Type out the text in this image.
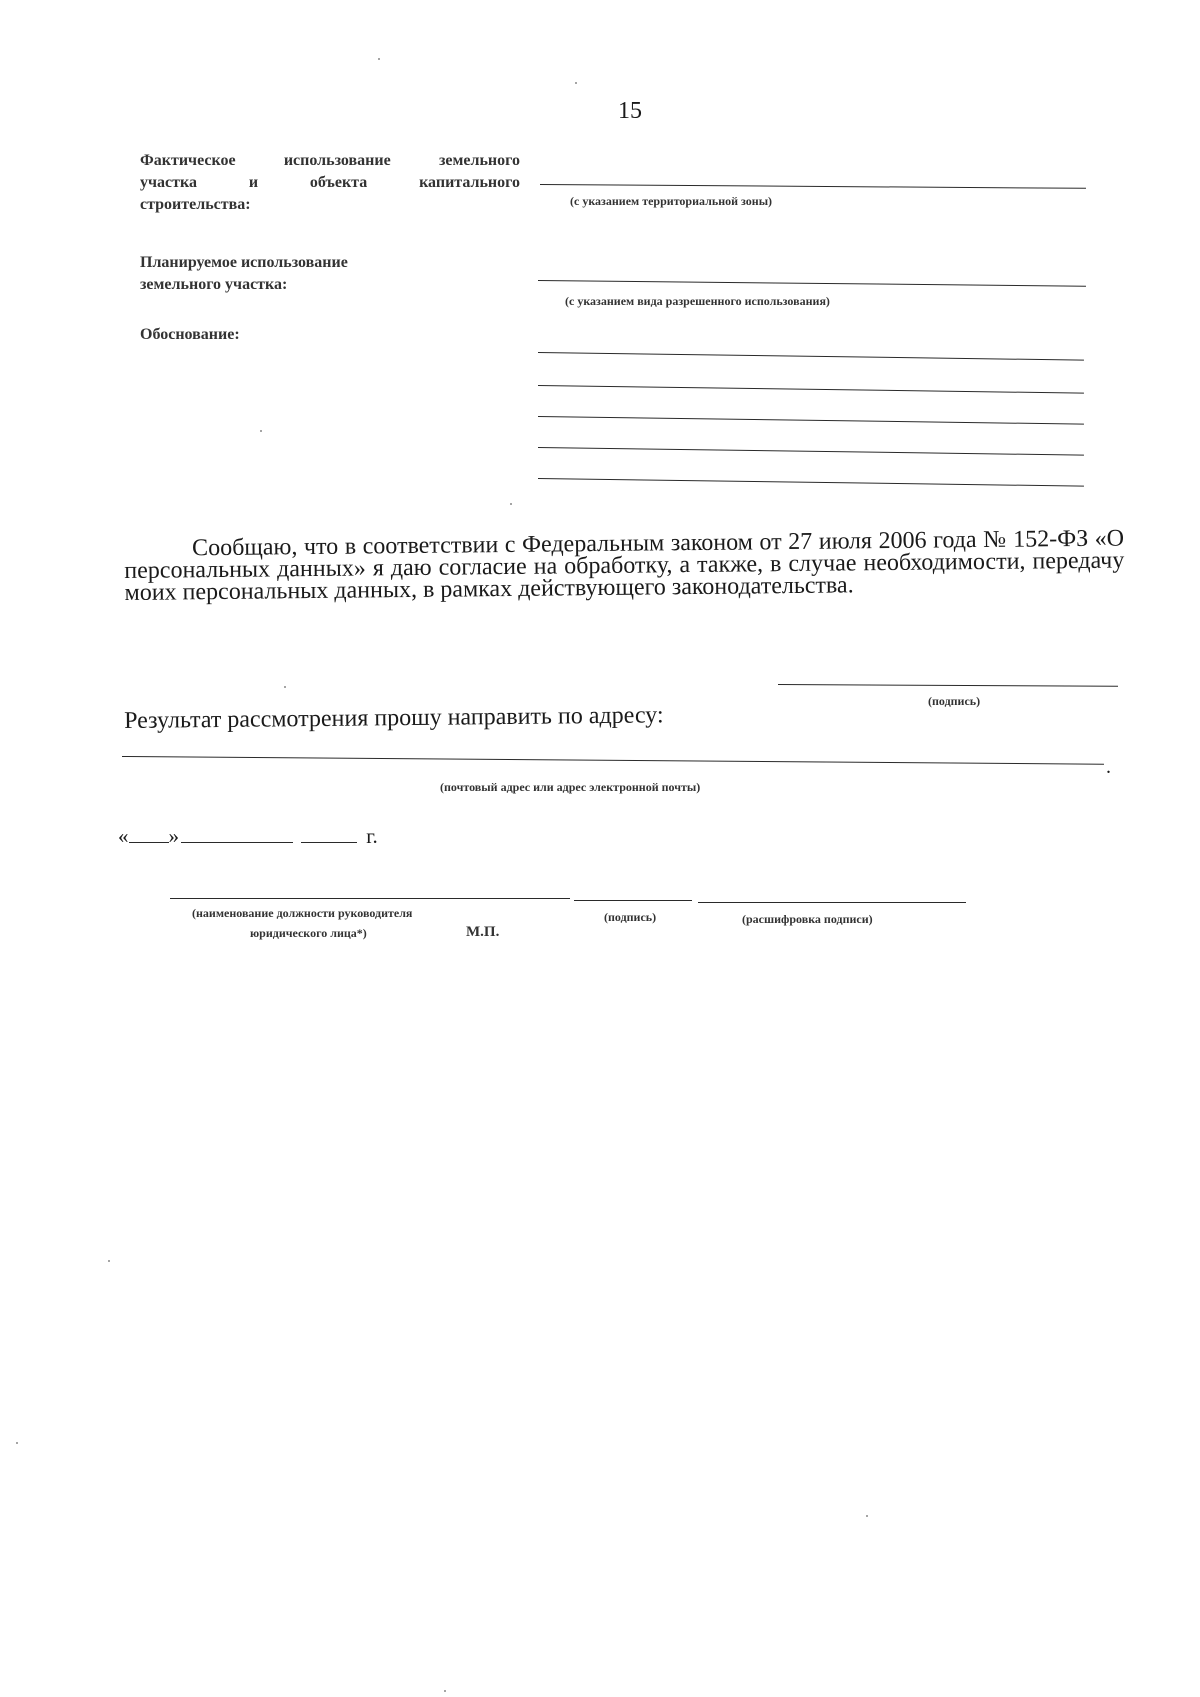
15
Фактическое использование земельного
участка и объекта капитального
строительства:	(с указанием территориальной зоны)
Планируемое использование
земельного участка:
(с указанием вида разрешенного использования)
Обоснование:
Сообщаю, что в соответствии с Федеральным законом от 27 июля 2006 года № 152-ФЗ «О персональных данных» я даю согласие на обработку, а также, в случае необходимости, передачу моих персональных данных, в рамках действующего законодательства.
(подпись)
Результат рассмотрения прошу направить по адресу:
.
(почтовый адрес или адрес электронной почты)
« »	г.
(наименование должности руководителя
юридического лица*)	М.П.
(подпись)	(расшифровка подписи)
